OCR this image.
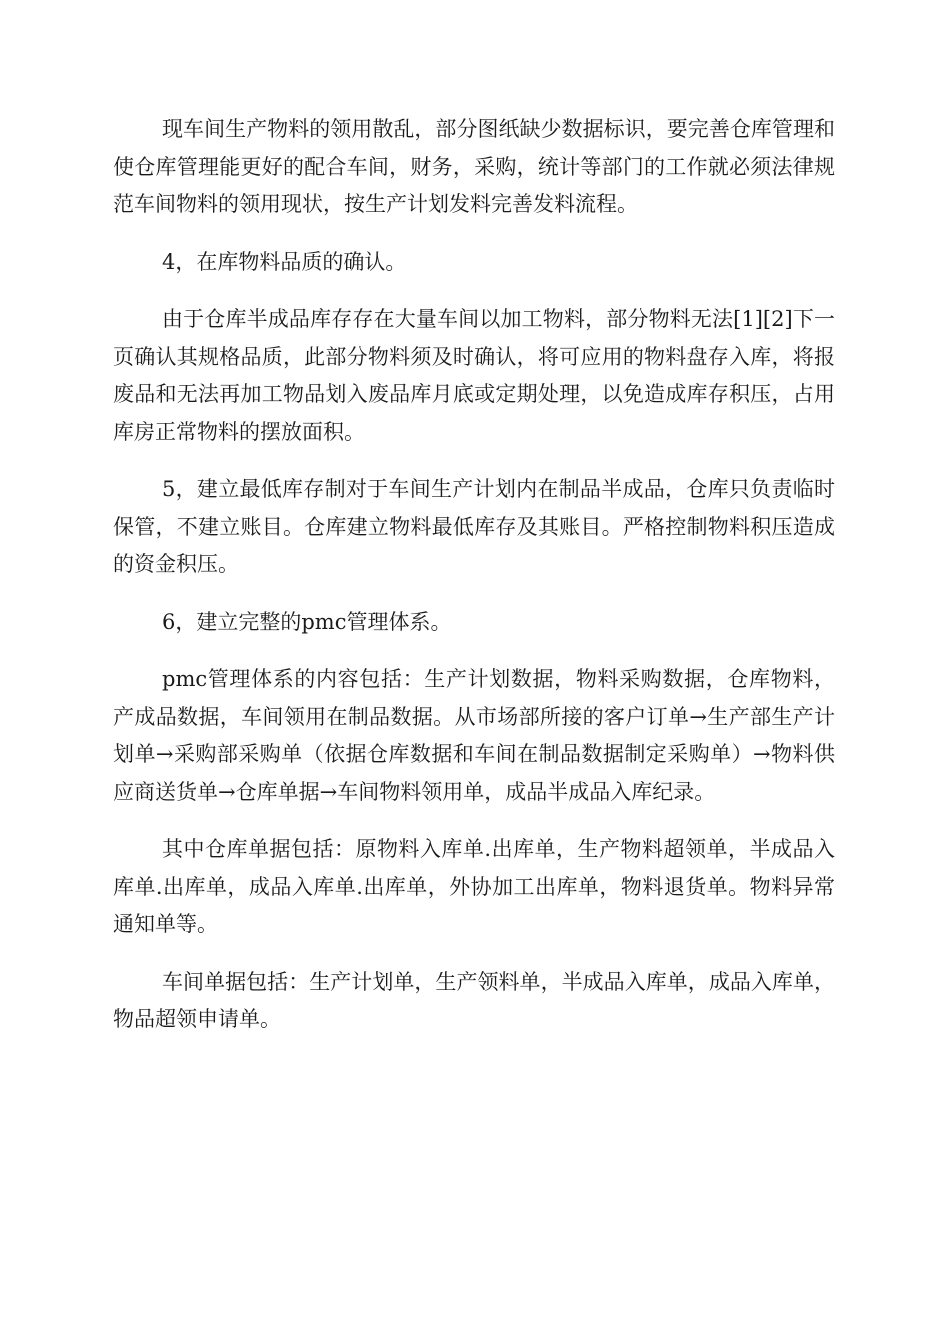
现车间生产物料的领用散乱，部分图纸缺少数据标识，要完善仓库管理和使仓库管理能更好的配合车间，财务，采购，统计等部门的工作就必须法律规范车间物料的领用现状，按生产计划发料完善发料流程。

4，在库物料品质的确认。

由于仓库半成品库存存在大量车间以加工物料，部分物料无法[1][2]下一页确认其规格品质，此部分物料须及时确认，将可应用的物料盘存入库，将报废品和无法再加工物品划入废品库月底或定期处理，以免造成库存积压，占用库房正常物料的摆放面积。

5，建立最低库存制对于车间生产计划内在制品半成品，仓库只负责临时保管，不建立账目。仓库建立物料最低库存及其账目。严格控制物料积压造成的资金积压。

6，建立完整的pmc管理体系。

pmc管理体系的内容包括：生产计划数据，物料采购数据，仓库物料，产成品数据，车间领用在制品数据。从市场部所接的客户订单→生产部生产计划单→采购部采购单（依据仓库数据和车间在制品数据制定采购单）→物料供应商送货单→仓库单据→车间物料领用单，成品半成品入库纪录。

其中仓库单据包括：原物料入库单.出库单，生产物料超领单，半成品入库单.出库单，成品入库单.出库单，外协加工出库单，物料退货单。物料异常通知单等。

车间单据包括：生产计划单，生产领料单，半成品入库单，成品入库单，物品超领申请单。
